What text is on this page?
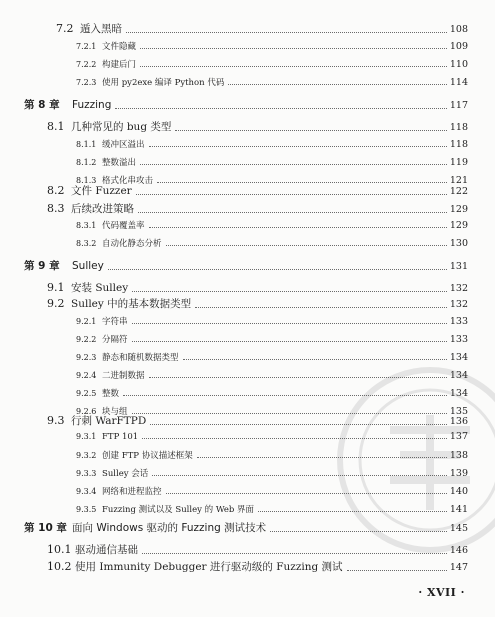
7.2 遁入黑暗	108
7.2.1 文件隐藏	109
7.2.2 构建后门	110
7.2.3 使用 py2exe 编译 Python 代码	114
第 8 章	Fuzzing	117
8.1 几种常见的 bug 类型	118
8.1.1 缓冲区溢出	118
8.1.2 整数溢出	119
8.1.3 格式化串攻击	121
8.2 文件 Fuzzer	122
8.3 后续改进策略	129
8.3.1 代码覆盖率	129
8.3.2 自动化静态分析	130
第 9 章	Sulley	131
9.1 安装 Sulley	132
9.2 Sulley 中的基本数据类型	132
9.2.1 字符串	133
9.2.2 分隔符	133
9.2.3 静态和随机数据类型	134
9.2.4 二进制数据	134
9.2.5 整数	134
9.2.6 块与组	135
9.3 行刺 WarFTPD	136
9.3.1 FTP 101	137
9.3.2 创建 FTP 协议描述框架	138
9.3.3 Sulley 会话	139
9.3.4 网络和进程监控	140
9.3.5 Fuzzing 测试以及 Sulley 的 Web 界面	141
第 10 章 面向 Windows 驱动的 Fuzzing 测试技术	145
10.1 驱动通信基础	146
10.2 使用 Immunity Debugger 进行驱动级的 Fuzzing 测试	147
· XVII ·
